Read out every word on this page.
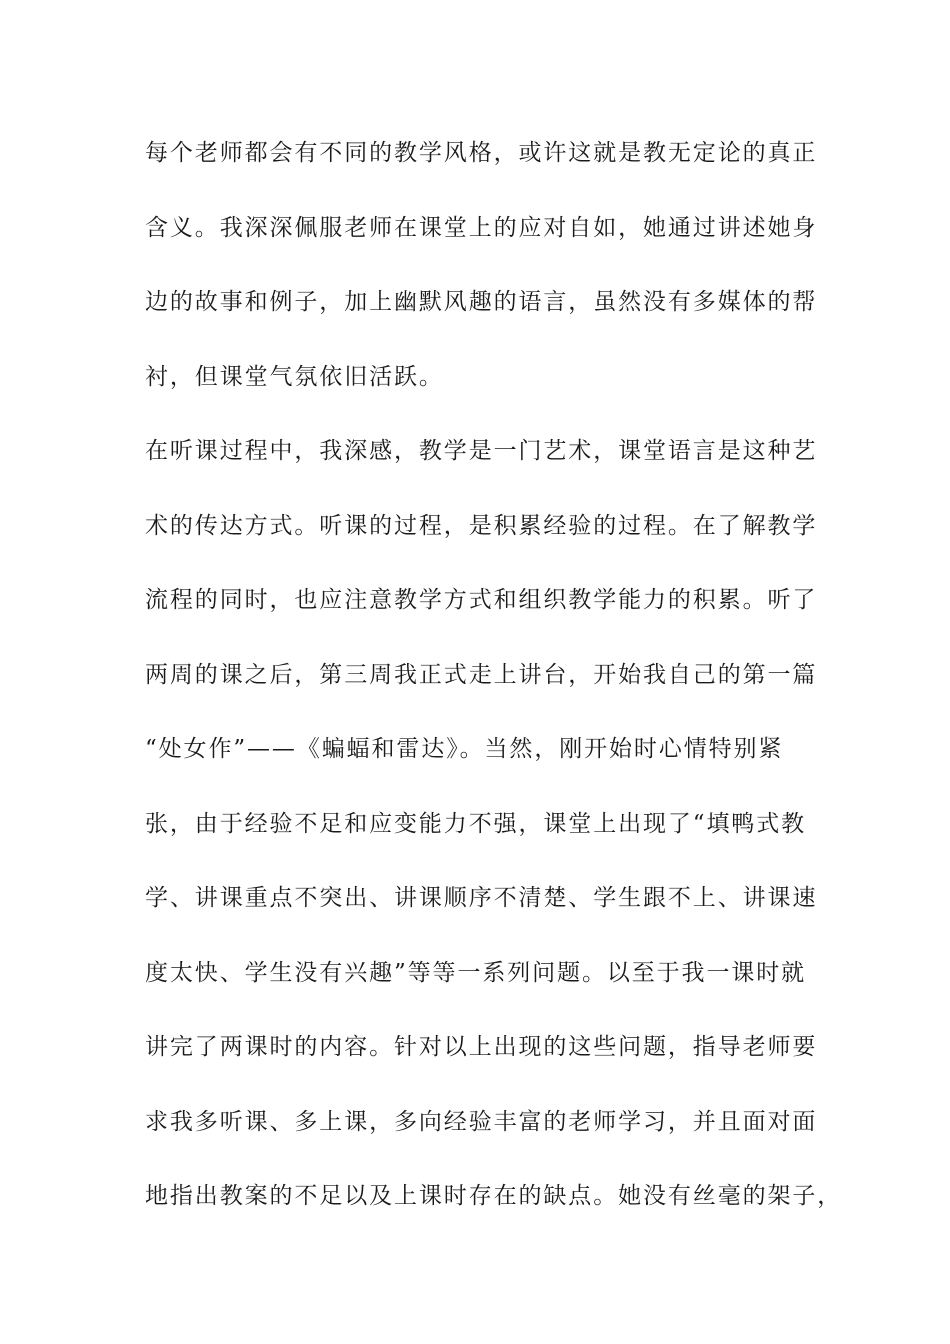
每个老师都会有不同的教学风格，或许这就是教无定论的真正
含义。我深深佩服老师在课堂上的应对自如，她通过讲述她身
边的故事和例子，加上幽默风趣的语言，虽然没有多媒体的帮
衬，但课堂气氛依旧活跃。
在听课过程中，我深感，教学是一门艺术，课堂语言是这种艺
术的传达方式。听课的过程，是积累经验的过程。在了解教学
流程的同时，也应注意教学方式和组织教学能力的积累。听了
两周的课之后，第三周我正式走上讲台，开始我自己的第一篇
“处女作”——《蝙蝠和雷达》。当然，刚开始时心情特别紧
张，由于经验不足和应变能力不强，课堂上出现了“填鸭式教
学、讲课重点不突出、讲课顺序不清楚、学生跟不上、讲课速
度太快、学生没有兴趣”等等一系列问题。以至于我一课时就
讲完了两课时的内容。针对以上出现的这些问题，指导老师要
求我多听课、多上课，多向经验丰富的老师学习，并且面对面
地指出教案的不足以及上课时存在的缺点。她没有丝毫的架子，
